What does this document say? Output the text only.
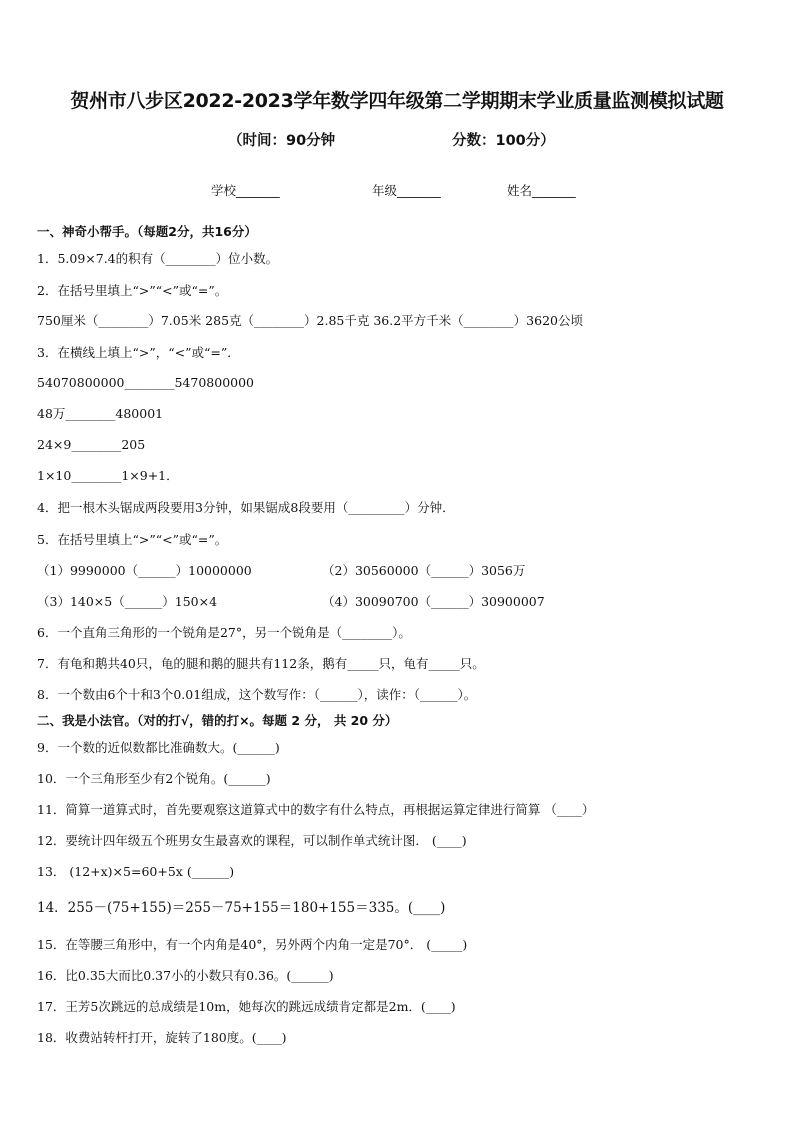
贺州市八步区2022-2023学年数学四年级第二学期期末学业质量监测模拟试题
（时间：90分钟	分数：100分）
学校_______	年级_______	姓名_______
一、神奇小帮手。（每题2分，共16分）
1．5.09×7.4的积有（________）位小数。
2．在括号里填上“>”“<”或“=”。
750厘米（________）7.05米 285克（________）2.85千克 36.2平方千米（________）3620公顷
3．在横线上填上“>”，“<”或“=”．
54070800000________5470800000
48万________480001
24×9________205
1×10________1×9+1．
4．把一根木头锯成两段要用3分钟，如果锯成8段要用（_________）分钟．
5．在括号里填上“>”“<”或“=”。
（1）9990000（______）10000000	（2）30560000（______）3056万
（3）140×5（______）150×4	（4）30090700（______）30900007
6．一个直角三角形的一个锐角是27°，另一个锐角是（________）。
7．有龟和鹅共40只，龟的腿和鹅的腿共有112条，鹅有_____只，龟有_____只。
8．一个数由6个十和3个0.01组成，这个数写作：（______），读作：（______）。
二、我是小法官。（对的打√，错的打×。每题 2 分， 共 20 分）
9．一个数的近似数都比准确数大。(______)
10．一个三角形至少有2个锐角。(______)
11．简算一道算式时，首先要观察这道算式中的数字有什么特点，再根据运算定律进行简算 （____）
12．要统计四年级五个班男女生最喜欢的课程，可以制作单式统计图． (____)
13． (12+x)×5=60+5x (______)
14．255－(75+155)＝255－75+155＝180+155＝335。(____)
15．在等腰三角形中，有一个内角是40°，另外两个内角一定是70°． (_____)
16．比0.35大而比0.37小的小数只有0.36。(______)
17．王芳5次跳远的总成绩是10m，她每次的跳远成绩肯定都是2m．(____)
18．收费站转杆打开，旋转了180度。(____)
